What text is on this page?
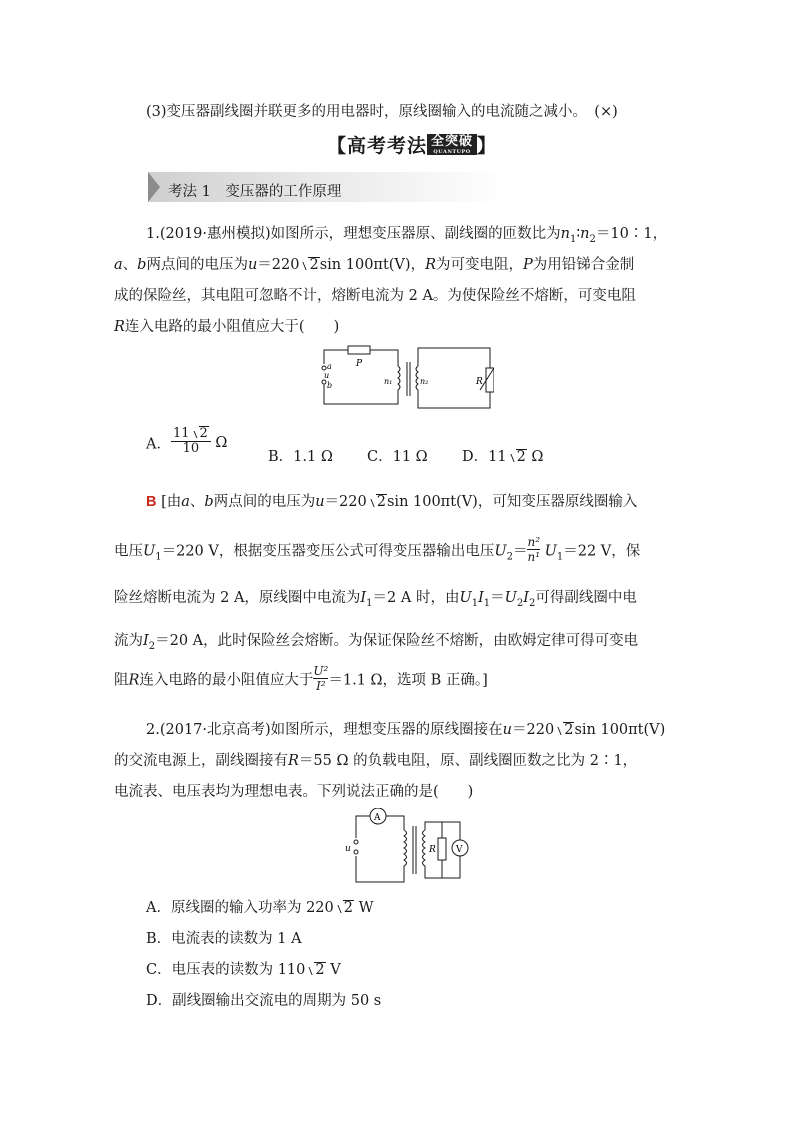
(3)变压器副线圈并联更多的用电器时，原线圈输入的电流随之减小。　(×)
【高考考法 全突破
QUANTUPO 】
考法 1　变压器的工作原理
1.(2019·惠州模拟)如图所示，理想变压器原、副线圈的匝数比为$n_1∶n_2=10∶1$，
a、b两点间的电压为u＝220 2sin 100πt(V)，R为可变电阻，P为用铅锑合金制
成的保险丝，其电阻可忽略不计，熔断电流为 2 A。为使保险丝不熔断，可变电阻
R连入电路的最小阻值应大于(　　)
P
a
u
b	n₁	n₂	R
A． $\frac{11 2}{10}$ Ω
B．1.1 Ω C．11 Ω D．11 2 Ω
B [由a、b两点间的电压为u＝220 2sin 100πt(V)，可知变压器原线圈输入
电压$U_1=220$ V，根据变压器变压公式可得变压器输出电压$U_2= \frac{\text{n²}}{\text{n¹}} U_1=22$ V，保
险丝熔断电流为 2 A，原线圈中电流为$I_1=2$ A 时，由$U_1I_1=U_2I_2$可得副线圈中电
流为$I_2=20$ A，此时保险丝会熔断。为保证保险丝不熔断，由欧姆定律可得可变电
阻R连入电路的最小阻值应大于 $\frac{\text{U²}}{\text{I²}} =1.1$ Ω，选项 B 正确。]
2.(2017·北京高考)如图所示，理想变压器的原线圈接在u＝220 2sin 100πt(V)
的交流电源上，副线圈接有R＝55 Ω 的负载电阻，原、副线圈匝数之比为 2∶1，
电流表、电压表均为理想电表。下列说法正确的是(　　)
A
u	R V
A．原线圈的输入功率为 220 2 W
B．电流表的读数为 1 A
C．电压表的读数为 110 2 V
D．副线圈输出交流电的周期为 50 s
